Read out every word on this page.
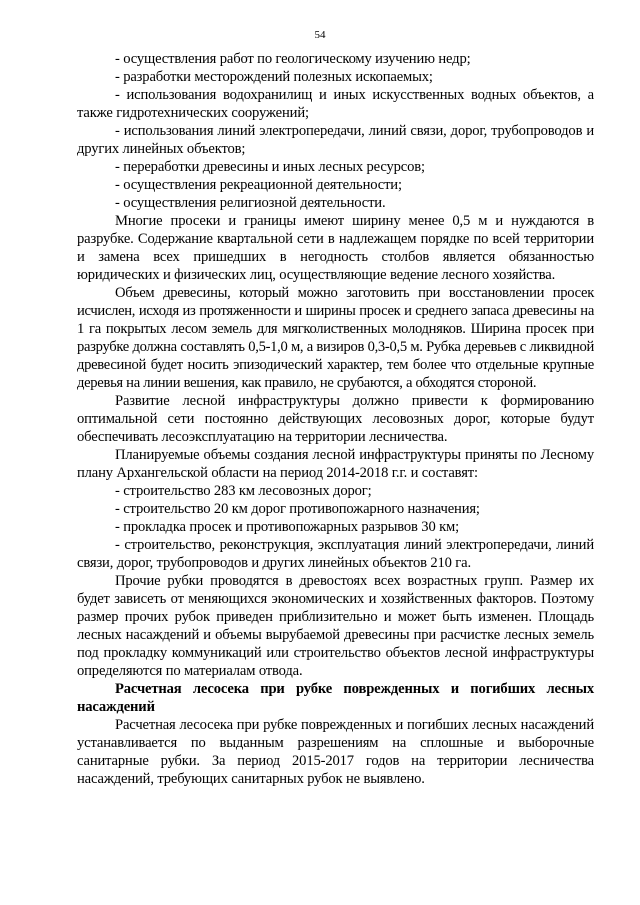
54

- осуществления работ по геологическому изучению недр;

- разработки месторождений полезных ископаемых;

- использования водохранилищ и иных искусственных водных объектов, а также гидротехнических сооружений;

- использования линий электропередачи, линий связи, дорог, трубопроводов и других линейных объектов;

- переработки древесины и иных лесных ресурсов;

- осуществления рекреационной деятельности;

- осуществления религиозной деятельности.

Многие просеки и границы имеют ширину менее 0,5 м и нуждаются в разрубке. Содержание квартальной сети в надлежащем порядке по всей территории и замена всех пришедших в негодность столбов является обязанностью юридических и физических лиц, осуществляющие ведение лесного хозяйства.

Объем древесины, который можно заготовить при восстановлении просек исчислен, исходя из протяженности и ширины просек и среднего запаса древесины на 1 га покрытых лесом земель для мягколиственных молодняков. Ширина просек при разрубке должна составлять 0,5-1,0 м, а визиров 0,3-0,5 м. Рубка деревьев с ликвидной древесиной будет носить эпизодический характер, тем более что отдельные крупные деревья на линии вешения, как правило, не срубаются, а обходятся стороной.

Развитие лесной инфраструктуры должно привести к формированию оптимальной сети постоянно действующих лесовозных дорог, которые будут обеспечивать лесоэксплуатацию на территории лесничества.

Планируемые объемы создания лесной инфраструктуры приняты по Лесному плану Архангельской области на период 2014-2018 г.г. и составят:

- строительство 283 км лесовозных дорог;

- строительство 20 км дорог противопожарного назначения;

- прокладка просек и противопожарных разрывов 30 км;

- строительство, реконструкция, эксплуатация линий электропередачи, линий связи, дорог, трубопроводов и других линейных объектов 210 га.

Прочие рубки проводятся в древостоях всех возрастных групп. Размер их будет зависеть от меняющихся экономических и хозяйственных факторов. Поэтому размер прочих рубок приведен приблизительно и может быть изменен. Площадь лесных насаждений и объемы вырубаемой древесины при расчистке лесных земель под прокладку коммуникаций или строительство объектов лесной инфраструктуры определяются по материалам отвода.

Расчетная лесосека при рубке поврежденных и погибших лесных насаждений

Расчетная лесосека при рубке поврежденных и погибших лесных насаждений устанавливается по выданным разрешениям на сплошные и выборочные санитарные рубки. За период 2015-2017 годов на территории лесничества насаждений, требующих санитарных рубок не выявлено.
